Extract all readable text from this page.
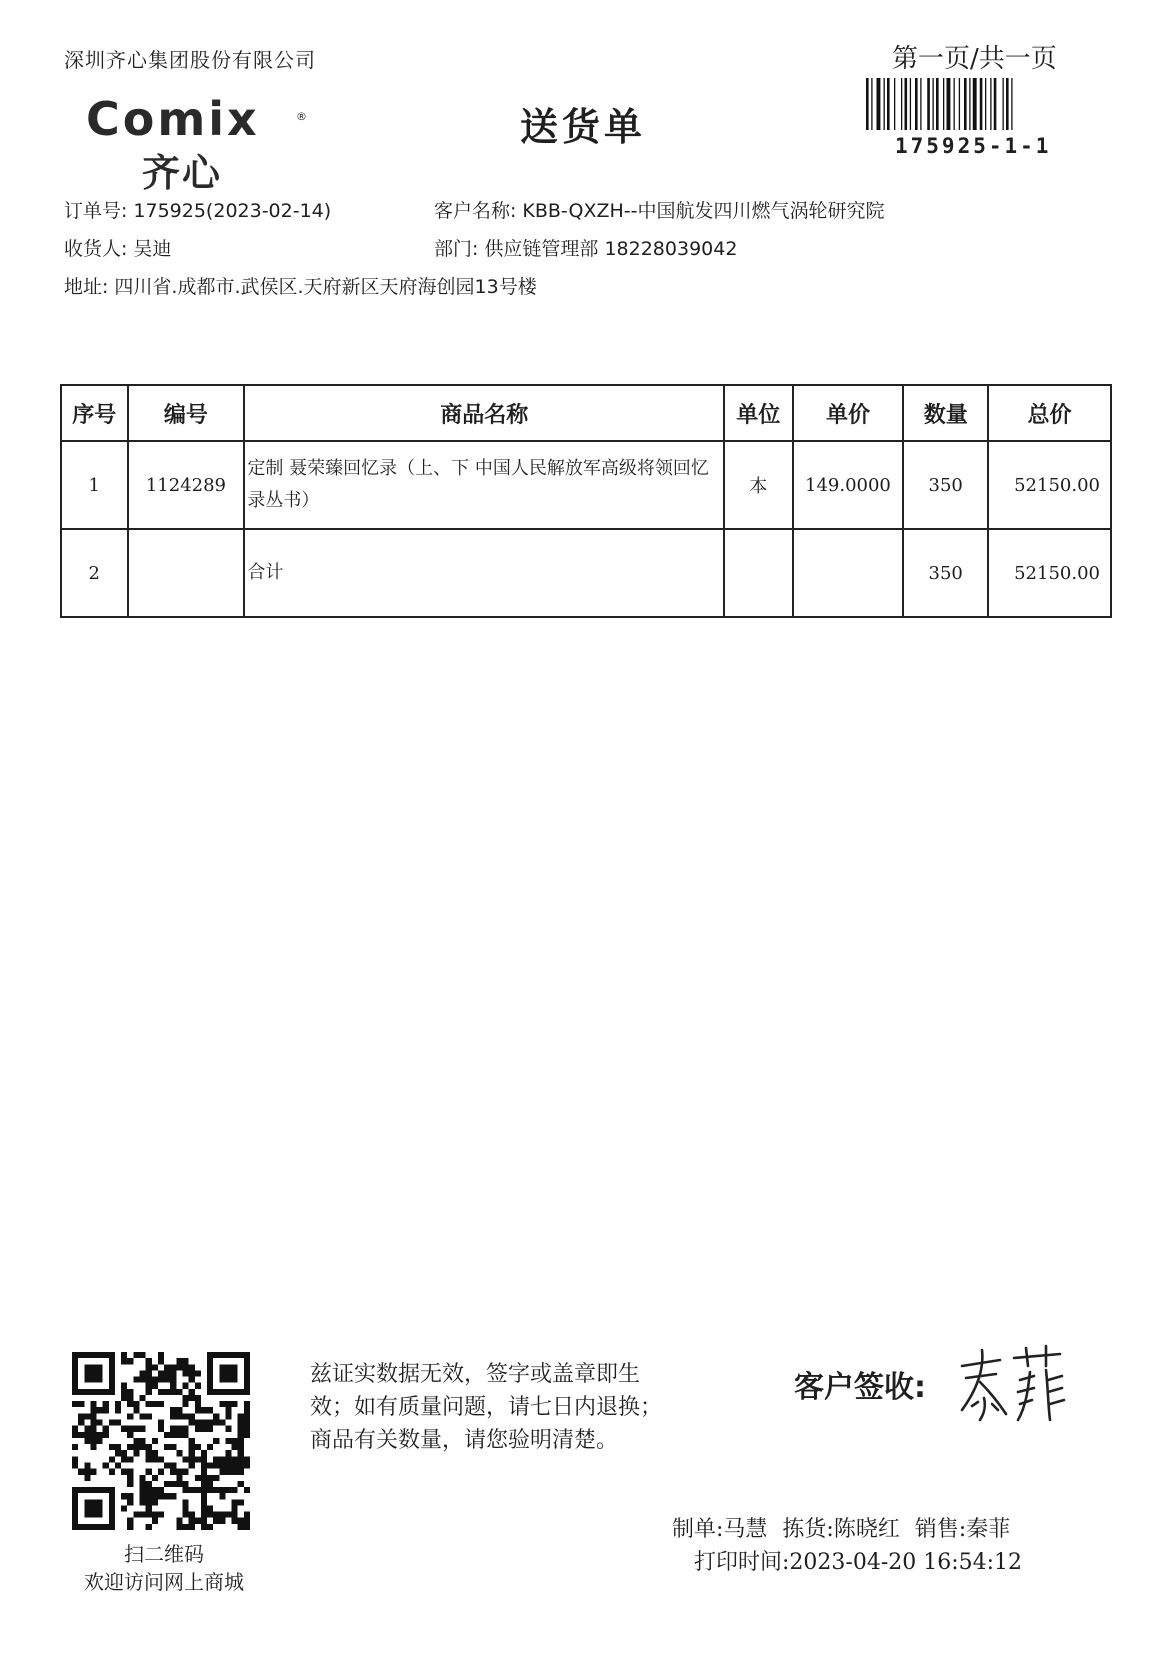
深圳齐心集团股份有限公司	第一页/共一页
Comix	®
齐心
送货单	175925-1-1
订单号: 175925(2023-02-14)	客户名称: KBB-QXZH--中国航发四川燃气涡轮研究院
收货人: 吴迪	部门: 供应链管理部 18228039042
地址: 四川省.成都市.武侯区.天府新区天府海创园13号楼
序号	编号	商品名称	单位	单价	数量	总价
1	1124289	定制 聂荣臻回忆录（上、下 中国人民解放军高级将领回忆录丛书）	本	149.0000	350	52150.00
2		合计			350	52150.00
扫二维码
欢迎访问网上商城
兹证实数据无效，签字或盖章即生
效；如有质量问题，请七日内退换；
商品有关数量，请您验明清楚。
客户签收:
制单:马慧 拣货:陈晓红 销售:秦菲
打印时间:2023-04-20 16:54:12
